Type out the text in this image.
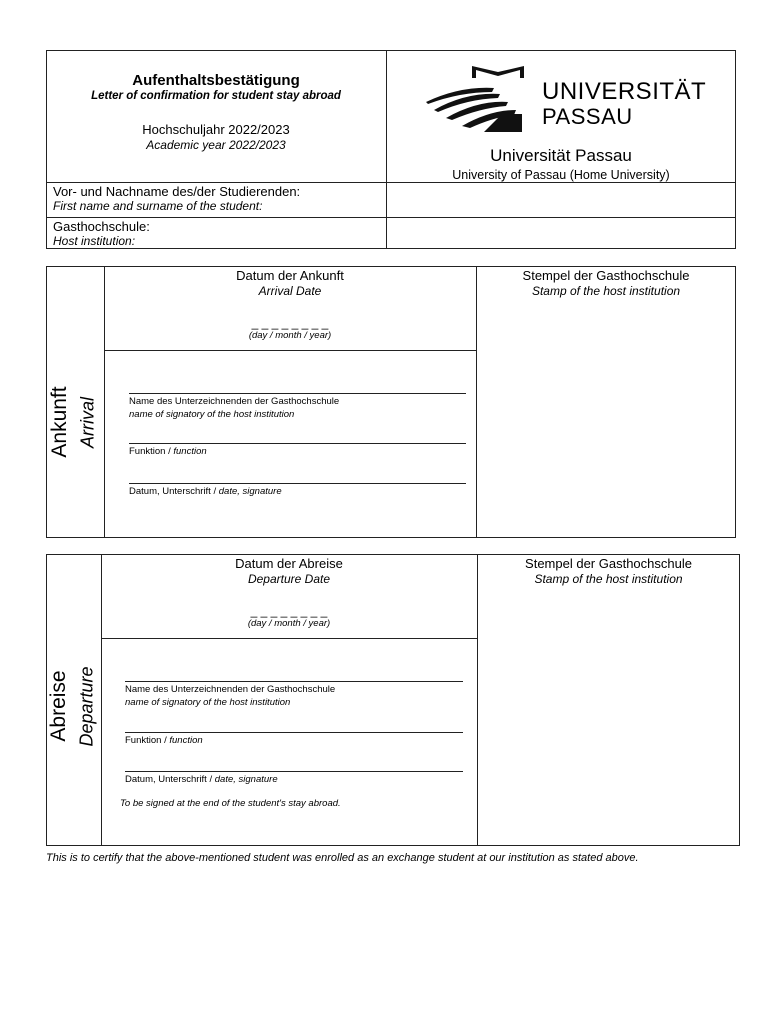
Aufenthaltsbestätigung
Letter of confirmation for student stay abroad
Hochschuljahr 2022/2023
Academic year 2022/2023
UNIVERSITÄT
PASSAU
Universität Passau
University of Passau (Home University)
Vor- und Nachname des/der Studierenden:
First name and surname of the student:
Gasthochschule:
Host institution:
Ankunft Arrival
Datum der Ankunft
Arrival Date
_ _ _ _ _ _ _ _
(day / month / year)
Stempel der Gasthochschule
Stamp of the host institution
Name des Unterzeichnenden der Gasthochschule
name of signatory of the host institution
Funktion / function
Datum, Unterschrift / date, signature
Abreise Departure
Datum der Abreise
Departure Date
_ _ _ _ _ _ _ _
(day / month / year)
Stempel der Gasthochschule
Stamp of the host institution
Name des Unterzeichnenden der Gasthochschule
name of signatory of the host institution
Funktion / function
Datum, Unterschrift / date, signature
To be signed at the end of the student's stay abroad.
This is to certify that the above-mentioned student was enrolled as an exchange student at our institution as stated above.
